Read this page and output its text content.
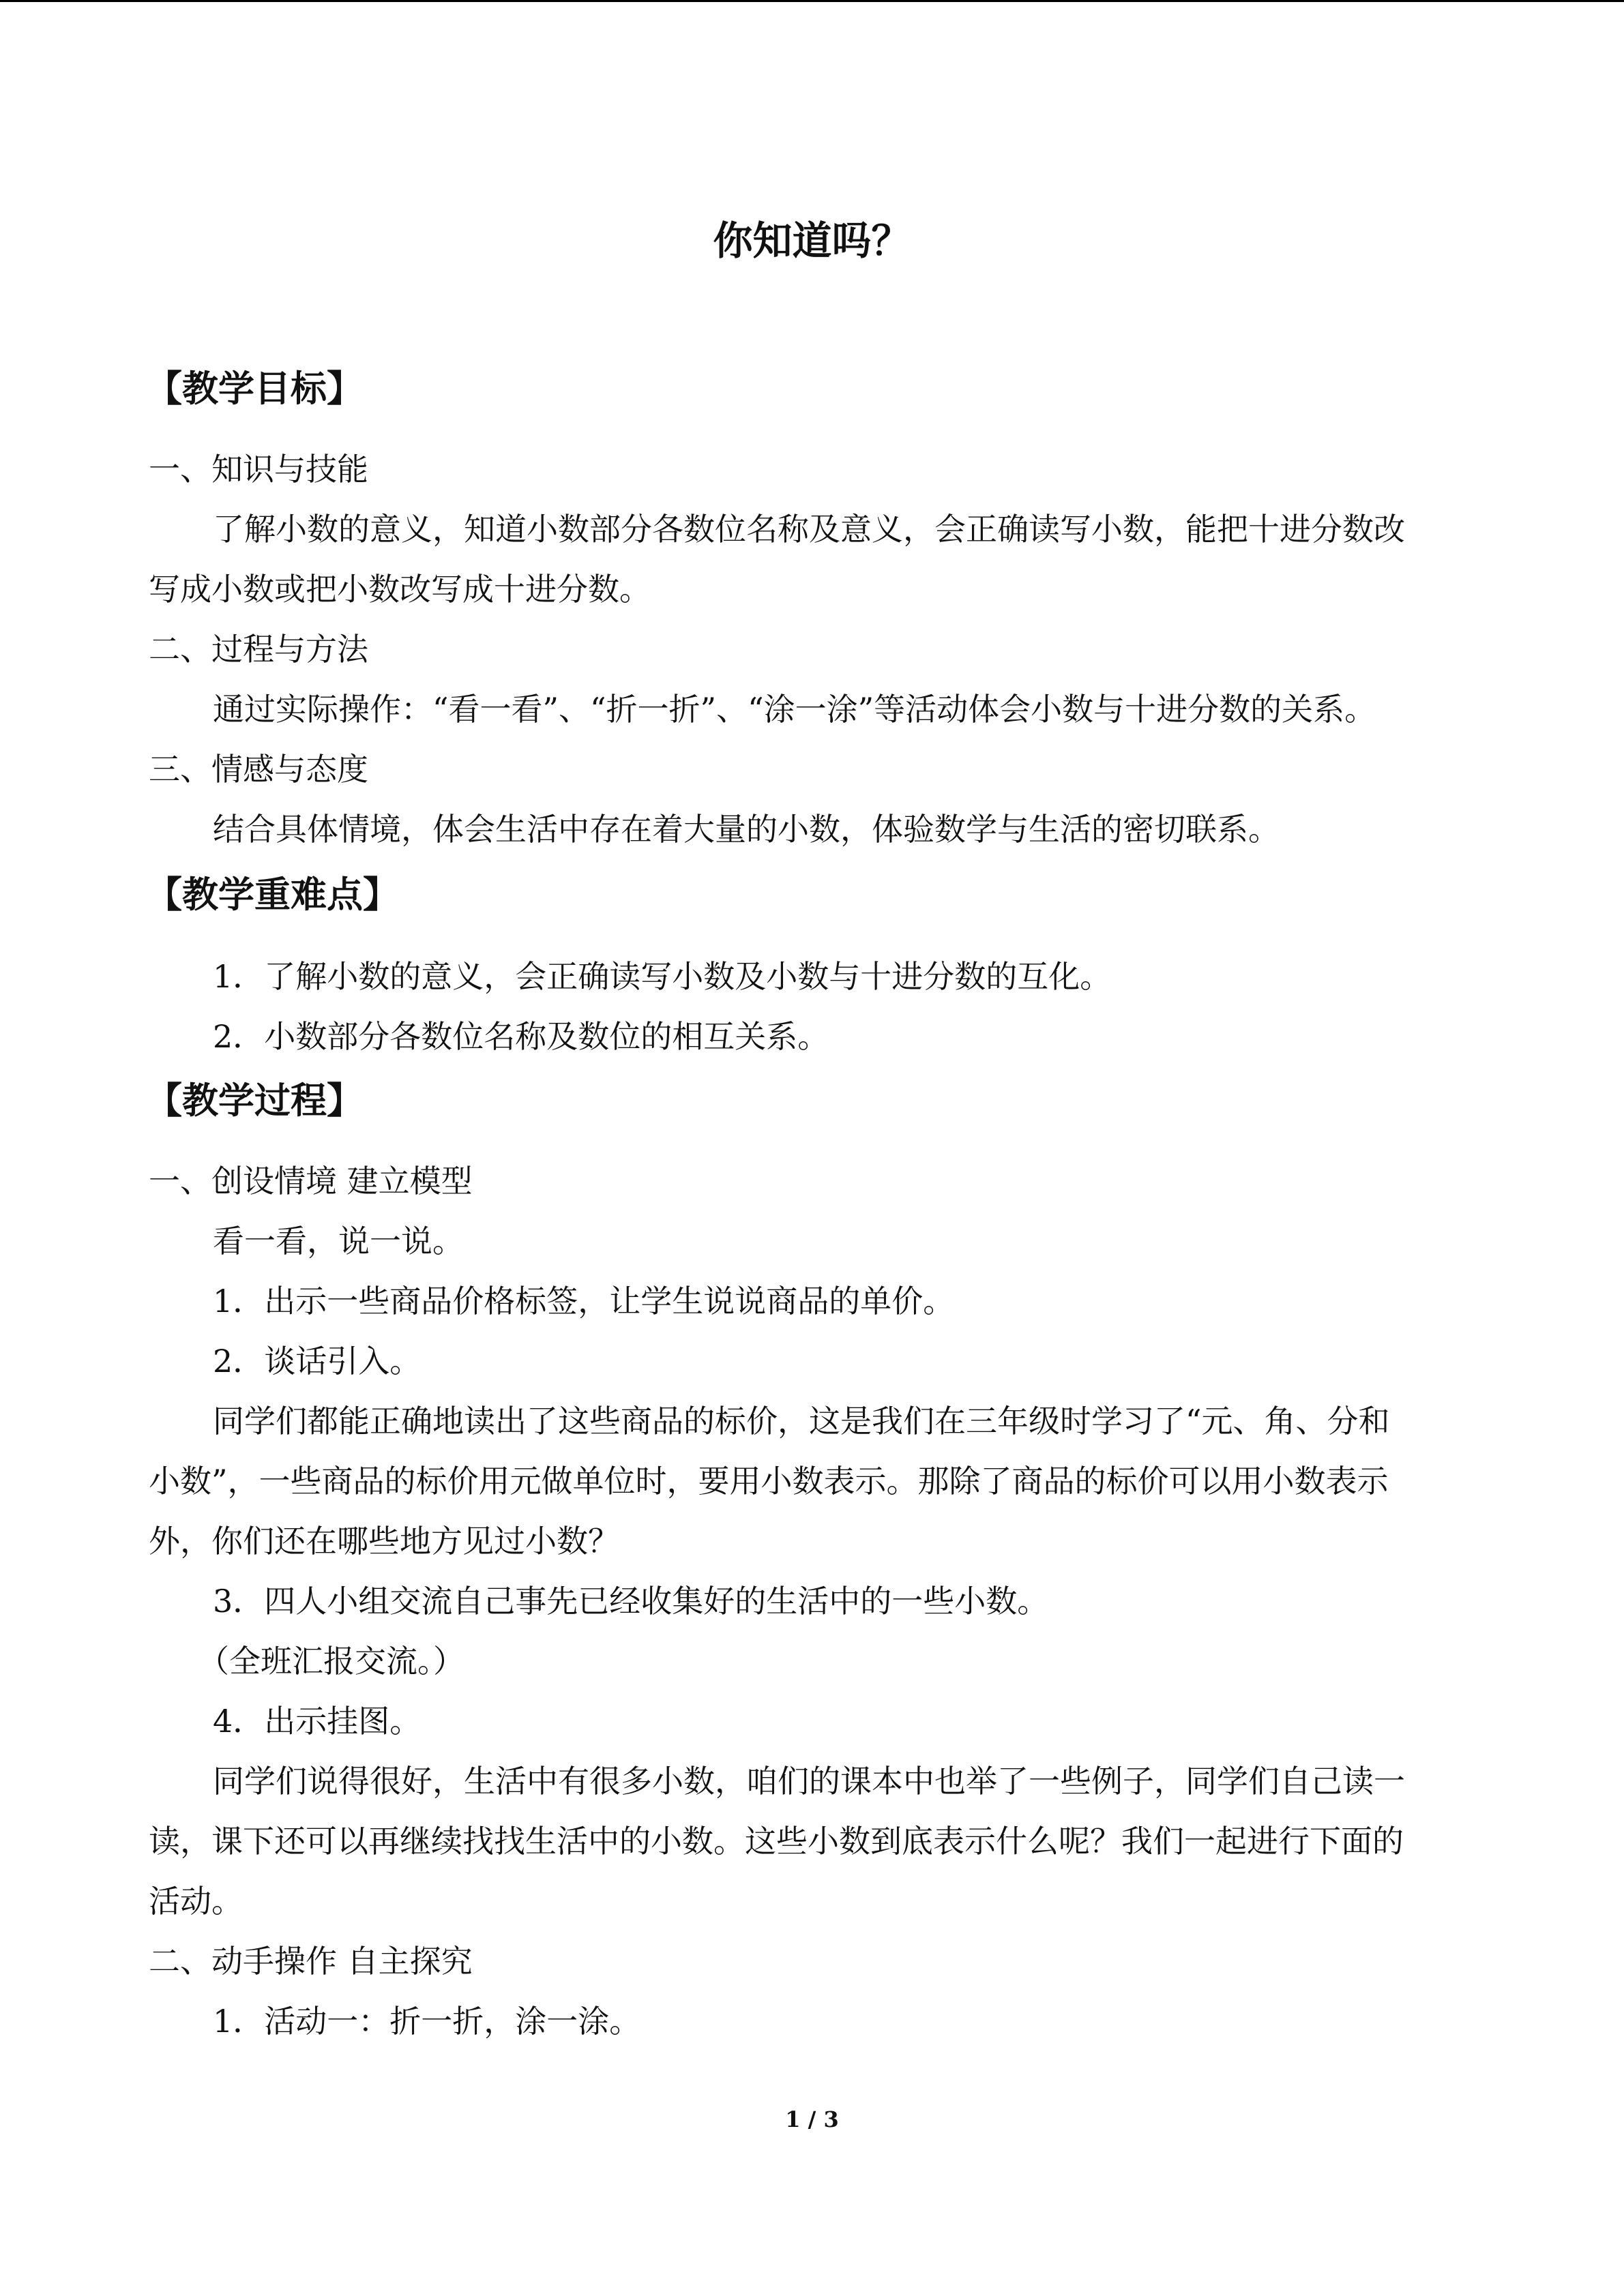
你知道吗？
【教学目标】
一、知识与技能
了解小数的意义，知道小数部分各数位名称及意义，会正确读写小数，能把十进分数改
写成小数或把小数改写成十进分数。
二、过程与方法
通过实际操作：“看一看”、“折一折”、“涂一涂”等活动体会小数与十进分数的关系。
三、情感与态度
结合具体情境，体会生活中存在着大量的小数，体验数学与生活的密切联系。
【教学重难点】
1．了解小数的意义，会正确读写小数及小数与十进分数的互化。
2．小数部分各数位名称及数位的相互关系。
【教学过程】
一、创设情境 建立模型
看一看，说一说。
1．出示一些商品价格标签，让学生说说商品的单价。
2．谈话引入。
同学们都能正确地读出了这些商品的标价，这是我们在三年级时学习了“元、角、分和
小数”，一些商品的标价用元做单位时，要用小数表示。那除了商品的标价可以用小数表示
外，你们还在哪些地方见过小数？
3．四人小组交流自己事先已经收集好的生活中的一些小数。
（全班汇报交流。）
4．出示挂图。
同学们说得很好，生活中有很多小数，咱们的课本中也举了一些例子，同学们自己读一
读，课下还可以再继续找找生活中的小数。这些小数到底表示什么呢？我们一起进行下面的
活动。
二、动手操作 自主探究
1．活动一：折一折，涂一涂。
1 / 3
